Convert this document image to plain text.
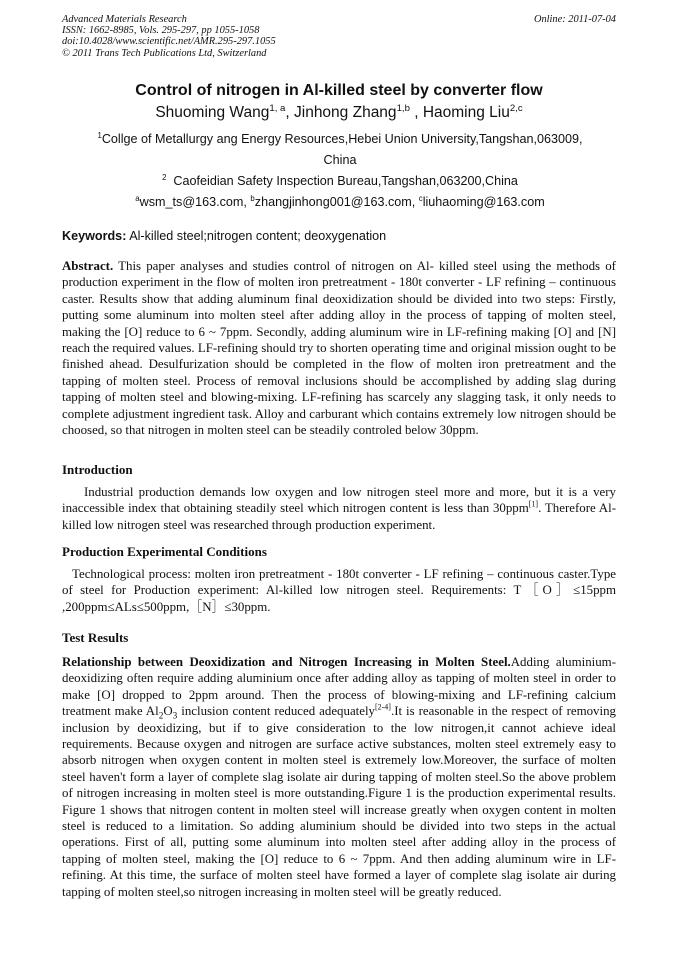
Advanced Materials Research
ISSN: 1662-8985, Vols. 295-297, pp 1055-1058
doi:10.4028/www.scientific.net/AMR.295-297.1055
© 2011 Trans Tech Publications Ltd, Switzerland
Online: 2011-07-04
Control of nitrogen in Al-killed steel by converter flow
Shuoming Wang$^{1, a}$, Jinhong Zhang$^{1,b}$ , Haoming Liu$^{2,c}$
$^1$Collge of Metallurgy ang Energy Resources,Hebei Union University,Tangshan,063009,
China
$^2$ Caofeidian Safety Inspection Bureau,Tangshan,063200,China
$^a$wsm_ts@163.com, $^b$zhangjinhong001@163.com, $^c$liuhaoming@163.com
Keywords: Al-killed steel;nitrogen content; deoxygenation
Abstract. This paper analyses and studies control of nitrogen on Al- killed steel using the methods of production experiment in the flow of molten iron pretreatment - 180t converter - LF refining – continuous caster. Results show that adding aluminum final deoxidization should be divided into two steps: Firstly, putting some aluminum into molten steel after adding alloy in the process of tapping of molten steel, making the [O] reduce to 6 ~ 7ppm. Secondly, adding aluminum wire in LF-refining making [O] and [N] reach the required values. LF-refining should try to shorten operating time and original mission ought to be finished ahead. Desulfurization should be completed in the flow of molten iron pretreatment and the tapping of molten steel. Process of removal inclusions should be accomplished by adding slag during tapping of molten steel and blowing-mixing. LF-refining has scarcely any slagging task, it only needs to complete adjustment ingredient task. Alloy and carburant which contains extremely low nitrogen should be choosed, so that nitrogen in molten steel can be steadily controled below 30ppm.
Introduction
Industrial production demands low oxygen and low nitrogen steel more and more, but it is a very inaccessible index that obtaining steadily steel which nitrogen content is less than 30ppm[1]. Therefore Al-killed low nitrogen steel was researched through production experiment.
Production Experimental Conditions
Technological process: molten iron pretreatment - 180t converter - LF refining – continuous caster.Type of steel for Production experiment: Al-killed low nitrogen steel. Requirements: T［O］≤15ppm ,200ppm≤ALs≤500ppm,［N］≤30ppm.
Test Results
Relationship between Deoxidization and Nitrogen Increasing in Molten Steel.Adding aluminium- deoxidizing often require adding aluminium once after adding alloy as tapping of molten steel in order to make [O] dropped to 2ppm around. Then the process of blowing-mixing and LF-refining calcium treatment make $Al_2O_3$ inclusion content reduced adequately[2-4].It is reasonable in the respect of removing inclusion by deoxidizing, but if to give consideration to the low nitrogen,it cannot achieve ideal requirements. Because oxygen and nitrogen are surface active substances, molten steel extremely easy to absorb nitrogen when oxygen content in molten steel is extremely low.Moreover, the surface of molten steel haven't form a layer of complete slag isolate air during tapping of molten steel.So the above problem of nitrogen increasing in molten steel is more outstanding.Figure 1 is the production experimental results. Figure 1 shows that nitrogen content in molten steel will increase greatly when oxygen content in molten steel is reduced to a limitation. So adding aluminium should be divided into two steps in the actual operations. First of all, putting some aluminum into molten steel after adding alloy in the process of tapping of molten steel, making the [O] reduce to 6 ~ 7ppm. And then adding aluminum wire in LF-refining. At this time, the surface of molten steel have formed a layer of complete slag isolate air during tapping of molten steel,so nitrogen increasing in molten steel will be greatly reduced.
